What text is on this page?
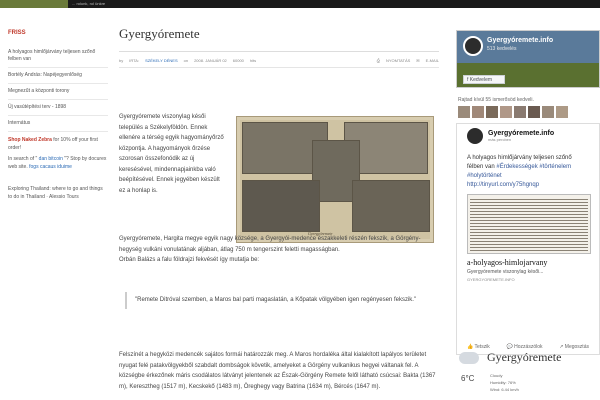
... rolunk, rol ünkre
FRISS
A holyagos himlőjárvány teljesen szőnő felben van
Bortély András: Napéjegyenlőség
Megnezűt a központi torony
Új vasútépítési terv - 1898
Internátus
Shop Naked Zebra for 10% off your first order!
In search of " dan bitcoin "? Stop by docurex web site. fogs cacaus iduime
Exploring Thailand: where to go and things to do in Thailand · Alessio Tours
Gyergyóremete
by IRTA: SZÉKELY DÉNES on 2008. JANUÁR 02 60000 hits	⎙ NYOMTATÁS ✉ E-MAIL
Gyergyóremete viszonylag késői település a Székelyföldön. Ennek ellenére a térség egyik hagyományőrző központja. A hagyományok őrzése szorosan összefonódik az új keresésével, mindennapjainkba való beépítésével. Ennek jegyében készült ez a honlap is.
Gyergyóremete
Gyergyóremete, Hargita megye egyik nagy községe, a Gyergyói-medence északkeleti részén fekszik, a Görgény-hegység vulkáni vonulatának aljában, átlag 750 m tengerszint feletti magasságban.
Orbán Balázs a falu földrajzi fekvését így mutatja be:
"Remete Ditróval szemben, a Maros bal parti magaslatán, a Kőpatak völgyében igen regényesen fekszik."
Felszínét a hegyközi medencék sajátos formái határozzák meg. A Maros hordaléka által kialakított lapályos területet nyugat felé patakvölgyekből szabdalt dombságok követik, amelyeket a Görgény vulkanikus hegyei váltanak fel. A községbe érkezőnek máris csodálatos látványt jelentenek az Észak-Görgény Remete felől látható csúcsai: Bakta (1367 m), Keresztheg (1517 m), Kecskekő (1483 m), Öreghegy vagy Batrina (1634 m), Bércés (1647 m).
Gyergyóremete.info
513 kedvelés
f Kedvelem
Rajtad kívül 55 ismerősöd kedveli.
Gyergyóremete.info
más percben
A holyagos himlőjárvány teljesen szőnő félben van #Érdekességek #történelem #holytörténet
http://tinyurl.com/y75hgnqp
a-holyagos-himlojarvany
Gyergyóremete viszonylag késői...
GYERGYOREMETE.INFO
👍 Tetszik	💬 Hozzászólok	↗ Megosztás
Gyergyóremete
6°C	Cloudy
Humidity: 76%
Wind: 6.44 km/h
